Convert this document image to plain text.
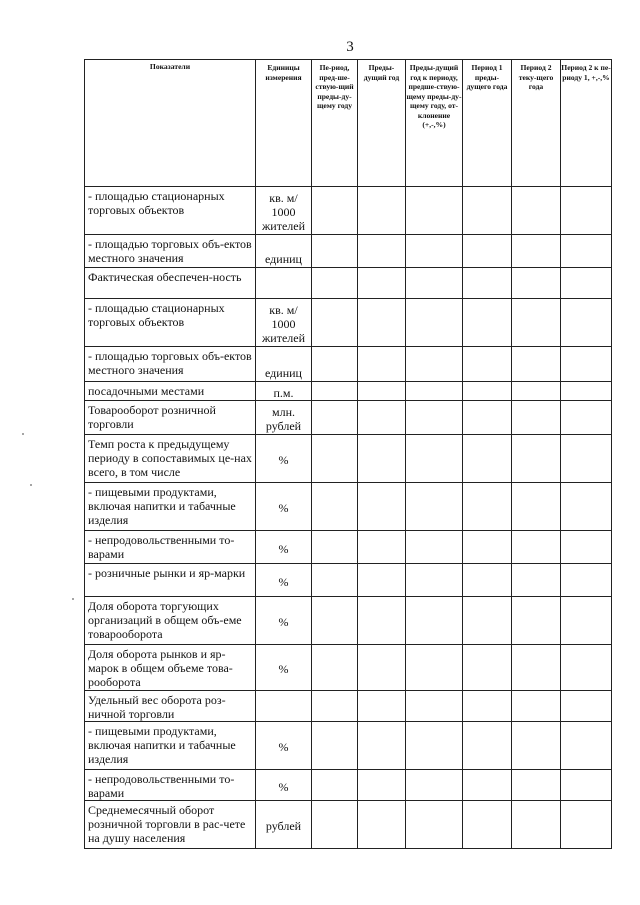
3
Показатели	Единицы измерения	Пе-риод, пред-ше-ствую-щий преды-ду-щему году	Преды-дущий год	Преды-дущий год к периоду, предше-ствую-щему преды-ду-щему году, от-клонение (+,-,%)	Период 1 преды-дущего года	Период 2 теку-щего года	Период 2 к пе-риоду 1, +,-,%
- площадью стационарных торговых объектов	кв. м/ 1000 жителей						
- площадью торговых объ-ектов местного значения	единиц						
Фактическая обеспечен-ность							
- площадью стационарных торговых объектов	кв. м/ 1000 жителей						
- площадью торговых объ-ектов местного значения	единиц						
посадочными местами	п.м.						
Товарооборот розничной торговли	млн. рублей						
Темп роста к предыдущему периоду в сопоставимых це-нах всего, в том числе	%						
- пищевыми продуктами, включая напитки и табачные изделия	%						
- непродовольственными то-варами	%						
- розничные рынки и яр-марки	%						
Доля оборота торгующих организаций в общем объ-еме товарооборота	%						
Доля оборота рынков и яр-марок в общем объеме това-рооборота	%						
Удельный вес оборота роз-ничной торговли							
- пищевыми продуктами, включая напитки и табачные изделия	%						
- непродовольственными то-варами	%						
Среднемесячный оборот розничной торговли в рас-чете на душу населения	рублей						
